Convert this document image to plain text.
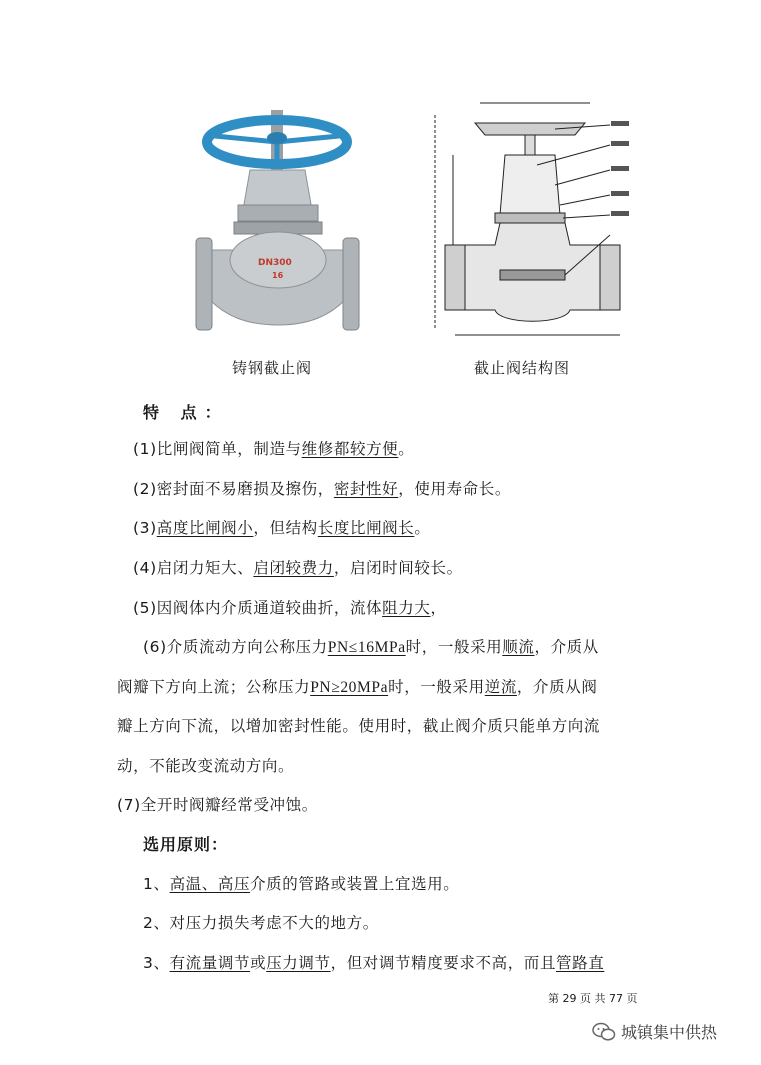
DN300
16
铸钢截止阀	截止阀结构图
特 点：
(1)比闸阀简单，制造与维修都较方便。
(2)密封面不易磨损及擦伤，密封性好，使用寿命长。
(3)高度比闸阀小，但结构长度比闸阀长。
(4)启闭力矩大、启闭较费力，启闭时间较长。
(5)因阀体内介质通道较曲折，流体阻力大，
(6)介质流动方向公称压力PN≤16MPa时，一般采用顺流，介质从
阀瓣下方向上流；公称压力PN≥20MPa时，一般采用逆流，介质从阀
瓣上方向下流，以增加密封性能。使用时，截止阀介质只能单方向流
动，不能改变流动方向。
(7)全开时阀瓣经常受冲蚀。
选用原则：
1、高温、高压介质的管路或装置上宜选用。
2、对压力损失考虑不大的地方。
3、有流量调节或压力调节，但对调节精度要求不高，而且管路直
第 29 页 共 77 页
城镇集中供热
